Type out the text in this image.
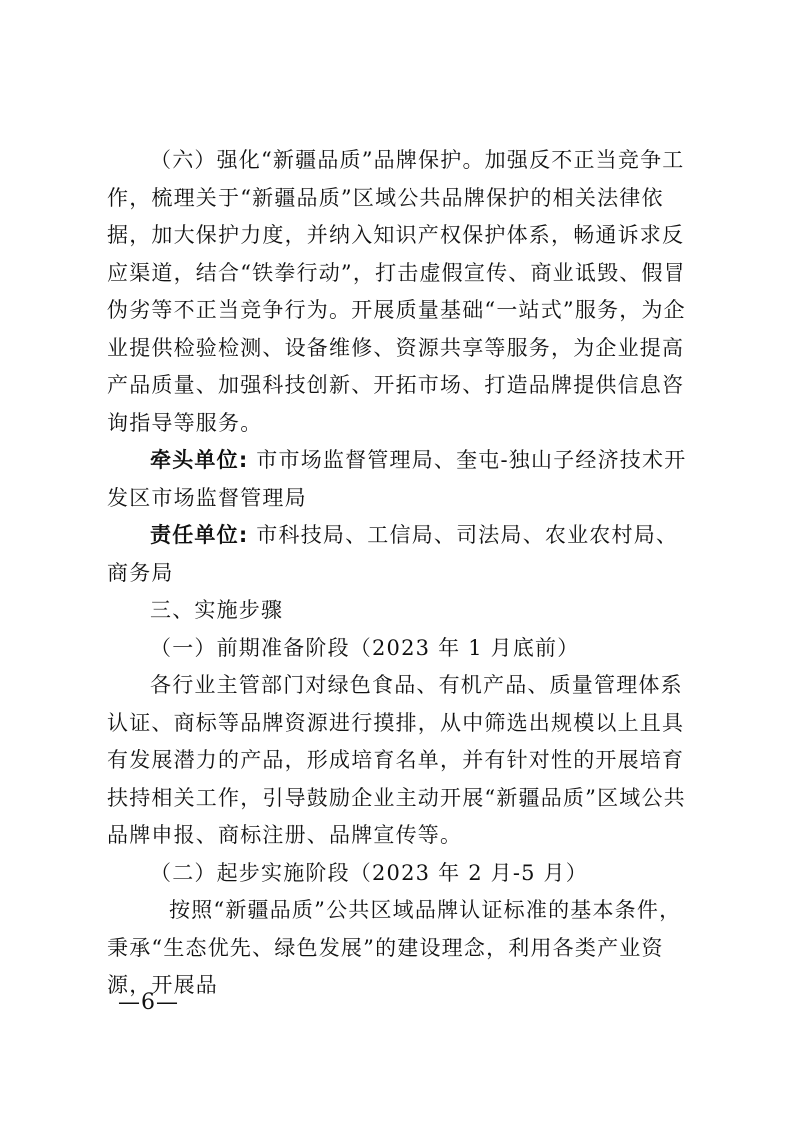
（六）强化“新疆品质”品牌保护。加强反不正当竞争工作，梳理关于“新疆品质”区域公共品牌保护的相关法律依据，加大保护力度，并纳入知识产权保护体系，畅通诉求反应渠道，结合“铁拳行动”，打击虚假宣传、商业诋毁、假冒伪劣等不正当竞争行为。开展质量基础“一站式”服务，为企业提供检验检测、设备维修、资源共享等服务，为企业提高产品质量、加强科技创新、开拓市场、打造品牌提供信息咨询指导等服务。

牵头单位: 市市场监督管理局、奎屯-独山子经济技术开发区市场监督管理局

责任单位: 市科技局、工信局、司法局、农业农村局、商务局

三、实施步骤

（一）前期准备阶段（2023 年 1 月底前）

各行业主管部门对绿色食品、有机产品、质量管理体系认证、商标等品牌资源进行摸排，从中筛选出规模以上且具有发展潜力的产品，形成培育名单，并有针对性的开展培育扶持相关工作，引导鼓励企业主动开展“新疆品质”区域公共品牌申报、商标注册、品牌宣传等。

（二）起步实施阶段（2023 年 2 月-5 月）

按照“新疆品质”公共区域品牌认证标准的基本条件，秉承“生态优先、绿色发展”的建设理念，利用各类产业资源，开展品

—6—
